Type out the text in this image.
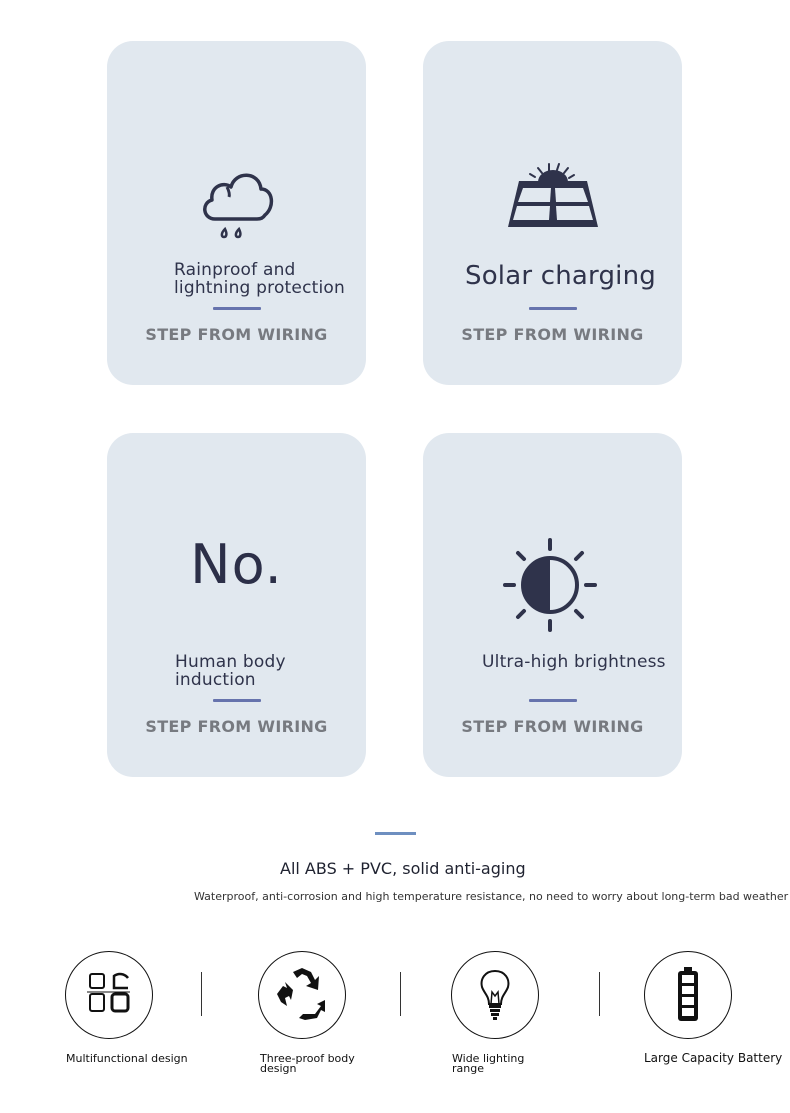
Rainproof and
lightning protection

STEP FROM WIRING

Solar charging

STEP FROM WIRING
No.

Human body
induction

STEP FROM WIRING

Ultra-high brightness

STEP FROM WIRING
All ABS + PVC, solid anti-aging
Waterproof, anti-corrosion and high temperature resistance, no need to worry about long-term bad weather
Multifunctional design	Three-proof body
design
Wide lighting
range
Large Capacity Battery
